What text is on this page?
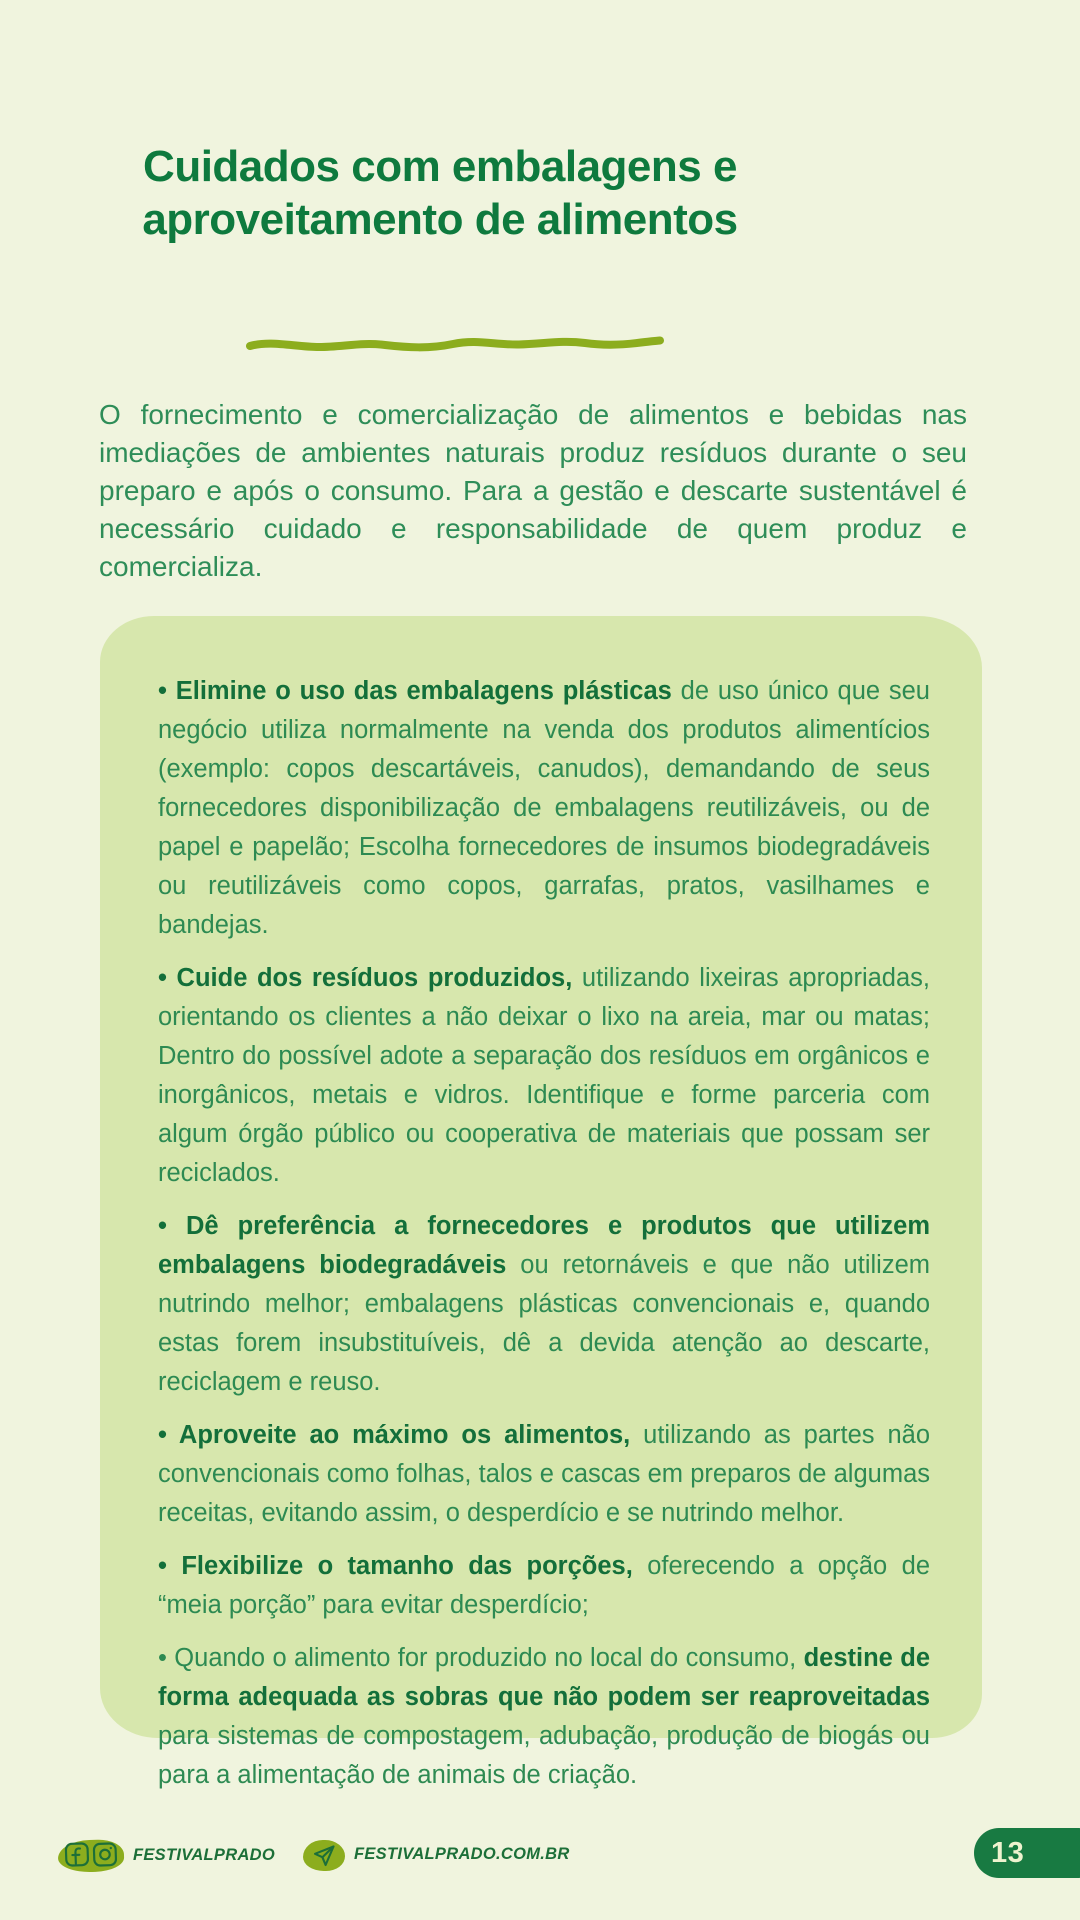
Cuidados com embalagens e
aproveitamento de alimentos

O fornecimento e comercialização de alimentos e bebidas nas imediações de ambientes naturais produz resíduos durante o seu preparo e após o consumo. Para a gestão e descarte sustentável é necessário cuidado e responsabilidade de quem produz e comercializa.

• Elimine o uso das embalagens plásticas de uso único que seu negócio utiliza normalmente na venda dos produtos alimentícios (exemplo: copos descartáveis, canudos), demandando de seus fornecedores disponibilização de embalagens reutilizáveis, ou de papel e papelão; Escolha fornecedores de insumos biodegradáveis ou reutilizáveis como copos, garrafas, pratos, vasilhames e bandejas.

• Cuide dos resíduos produzidos, utilizando lixeiras apropriadas, orientando os clientes a não deixar o lixo na areia, mar ou matas; Dentro do possível adote a separação dos resíduos em orgânicos e inorgânicos, metais e vidros. Identifique e forme parceria com algum órgão público ou cooperativa de materiais que possam ser reciclados.

• Dê preferência a fornecedores e produtos que utilizem embalagens biodegradáveis ou retornáveis e que não utilizem nutrindo melhor; embalagens plásticas convencionais e, quando estas forem insubstituíveis, dê a devida atenção ao descarte, reciclagem e reuso.

• Aproveite ao máximo os alimentos, utilizando as partes não convencionais como folhas, talos e cascas em preparos de algumas receitas, evitando assim, o desperdício e se nutrindo melhor.

• Flexibilize o tamanho das porções, oferecendo a opção de “meia porção” para evitar desperdício;

• Quando o alimento for produzido no local do consumo, destine de forma adequada as sobras que não podem ser reaproveitadas para sistemas de compostagem, adubação, produção de biogás ou para a alimentação de animais de criação.

FESTIVALPRADO	FESTIVALPRADO.COM.BR	13
